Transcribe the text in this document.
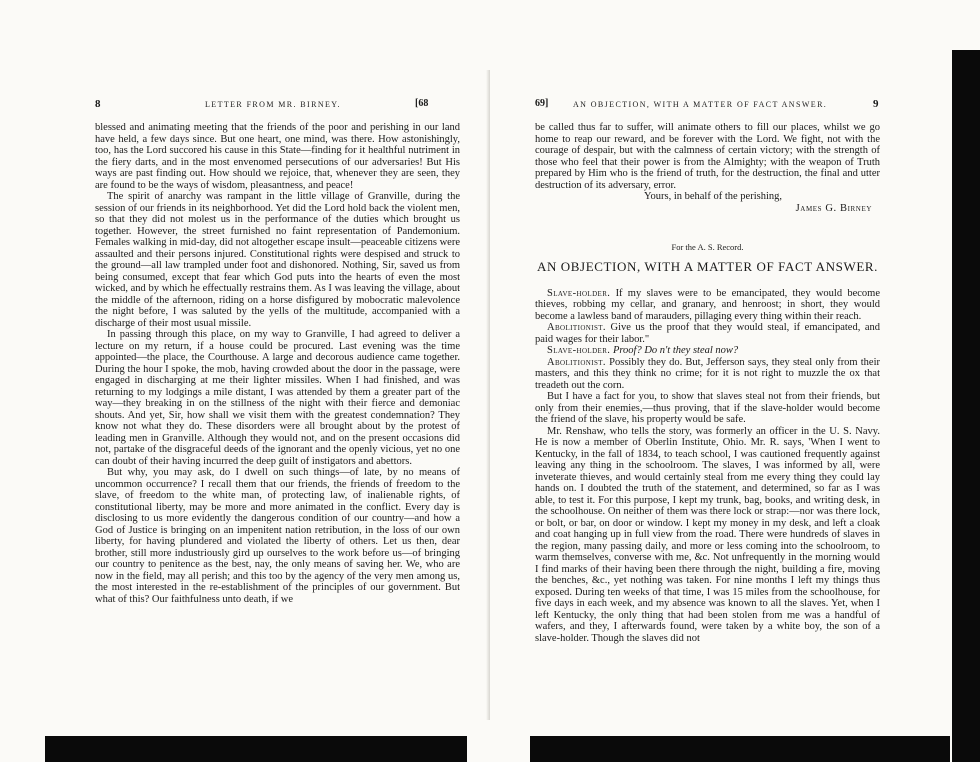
8	LETTER FROM MR. BIRNEY.	[68

blessed and animating meeting that the friends of the poor and perishing in our land have held, a few days since. But one heart, one mind, was there. How astonishingly, too, has the Lord succored his cause in this State—finding for it healthful nutriment in the fiery darts, and in the most envenomed persecutions of our adversaries! But His ways are past finding out. How should we rejoice, that, whenever they are seen, they are found to be the ways of wisdom, pleasantness, and peace!

The spirit of anarchy was rampant in the little village of Granville, during the session of our friends in its neighborhood. Yet did the Lord hold back the violent men, so that they did not molest us in the performance of the duties which brought us together. However, the street furnished no faint representation of Pandemonium. Females walking in mid-day, did not altogether escape insult—peaceable citizens were assaulted and their persons injured. Constitutional rights were despised and struck to the ground—all law trampled under foot and dishonored. Nothing, Sir, saved us from being consumed, except that fear which God puts into the hearts of even the most wicked, and by which he effectually restrains them. As I was leaving the village, about the middle of the afternoon, riding on a horse disfigured by mobocratic malevolence the night before, I was saluted by the yells of the multitude, accompanied with a discharge of their most usual missile.

In passing through this place, on my way to Granville, I had agreed to deliver a lecture on my return, if a house could be procured. Last evening was the time appointed—the place, the Courthouse. A large and decorous audience came together. During the hour I spoke, the mob, having crowded about the door in the passage, were engaged in discharging at me their lighter missiles. When I had finished, and was returning to my lodgings a mile distant, I was attended by them a greater part of the way—they breaking in on the stillness of the night with their fierce and demoniac shouts. And yet, Sir, how shall we visit them with the greatest condemnation? They know not what they do. These disorders were all brought about by the protest of leading men in Granville. Although they would not, and on the present occasions did not, partake of the disgraceful deeds of the ignorant and the openly vicious, yet no one can doubt of their having incurred the deep guilt of instigators and abettors.

But why, you may ask, do I dwell on such things—of late, by no means of uncommon occurrence? I recall them that our friends, the friends of freedom to the slave, of freedom to the white man, of protecting law, of inalienable rights, of constitutional liberty, may be more and more animated in the conflict. Every day is disclosing to us more evidently the dangerous condition of our country—and how a God of Justice is bringing on an impenitent nation retribution, in the loss of our own liberty, for having plundered and violated the liberty of others. Let us then, dear brother, still more industriously gird up ourselves to the work before us—of bringing our country to penitence as the best, nay, the only means of saving her. We, who are now in the field, may all perish; and this too by the agency of the very men among us, the most interested in the re-establishment of the principles of our government. But what of this? Our faithfulness unto death, if we

69]	AN OBJECTION, WITH A MATTER OF FACT ANSWER.	9

be called thus far to suffer, will animate others to fill our places, whilst we go home to reap our reward, and be forever with the Lord. We fight, not with the courage of despair, but with the calmness of certain victory; with the strength of those who feel that their power is from the Almighty; with the weapon of Truth prepared by Him who is the friend of truth, for the destruction, the final and utter destruction of its adversary, error.

Yours, in behalf of the perishing,
James G. Birney
For the A. S. Record.
AN OBJECTION, WITH A MATTER OF FACT ANSWER.

Slave-holder. If my slaves were to be emancipated, they would become thieves, robbing my cellar, and granary, and henroost; in short, they would become a lawless band of marauders, pillaging every thing within their reach.

Abolitionist. Give us the proof that they would steal, if emancipated, and paid wages for their labor."

Slave-holder. Proof? Do n't they steal now?

Abolitionist. Possibly they do. But, Jefferson says, they steal only from their masters, and this they think no crime; for it is not right to muzzle the ox that treadeth out the corn.

But I have a fact for you, to show that slaves steal not from their friends, but only from their enemies,—thus proving, that if the slave-holder would become the friend of the slave, his property would be safe.

Mr. Renshaw, who tells the story, was formerly an officer in the U. S. Navy. He is now a member of Oberlin Institute, Ohio. Mr. R. says, 'When I went to Kentucky, in the fall of 1834, to teach school, I was cautioned frequently against leaving any thing in the schoolroom. The slaves, I was informed by all, were inveterate thieves, and would certainly steal from me every thing they could lay hands on. I doubted the truth of the statement, and determined, so far as I was able, to test it. For this purpose, I kept my trunk, bag, books, and writing desk, in the schoolhouse. On neither of them was there lock or strap:—nor was there lock, or bolt, or bar, on door or window. I kept my money in my desk, and left a cloak and coat hanging up in full view from the road. There were hundreds of slaves in the region, many passing daily, and more or less coming into the schoolroom, to warm themselves, converse with me, &c. Not unfrequently in the morning would I find marks of their having been there through the night, building a fire, moving the benches, &c., yet nothing was taken. For nine months I left my things thus exposed. During ten weeks of that time, I was 15 miles from the schoolhouse, for five days in each week, and my absence was known to all the slaves. Yet, when I left Kentucky, the only thing that had been stolen from me was a handful of wafers, and they, I afterwards found, were taken by a white boy, the son of a slave-holder. Though the slaves did not
